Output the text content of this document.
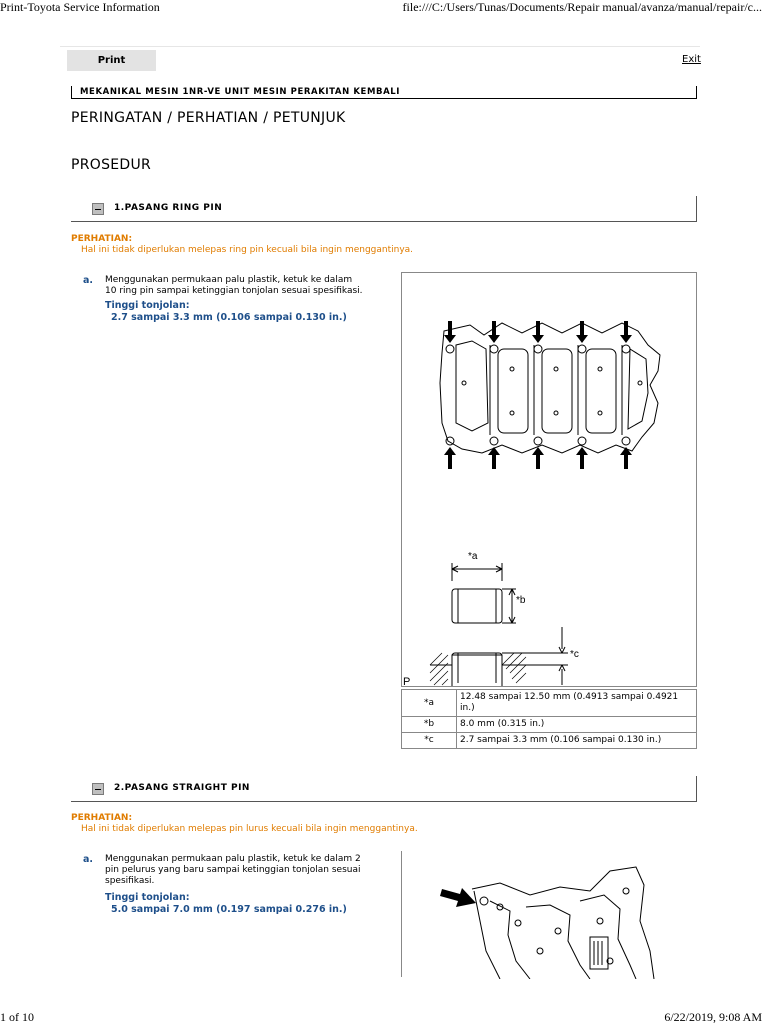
Print-Toyota Service Information	file:///C:/Users/Tunas/Documents/Repair manual/avanza/manual/repair/c...
Print	Exit
MEKANIKAL MESIN 1NR-VE UNIT MESIN PERAKITAN KEMBALI
PERINGATAN / PERHATIAN / PETUNJUK
PROSEDUR
1.PASANG RING PIN
PERHATIAN:
Hal ini tidak diperlukan melepas ring pin kecuali bila ingin menggantinya.
a. Menggunakan permukaan palu plastik, ketuk ke dalam
10 ring pin sampai ketinggian tonjolan sesuai spesifikasi.
Tinggi tonjolan:
2.7 sampai 3.3 mm (0.106 sampai 0.130 in.)
*a
*b
*c
P
*a	12.48 sampai 12.50 mm (0.4913 sampai 0.4921 in.)
*b	8.0 mm (0.315 in.)
*c	2.7 sampai 3.3 mm (0.106 sampai 0.130 in.)
2.PASANG STRAIGHT PIN
PERHATIAN:
Hal ini tidak diperlukan melepas pin lurus kecuali bila ingin menggantinya.
a. Menggunakan permukaan palu plastik, ketuk ke dalam 2
pin pelurus yang baru sampai ketinggian tonjolan sesuai
spesifikasi.
Tinggi tonjolan:
5.0 sampai 7.0 mm (0.197 sampai 0.276 in.)
1 of 10	6/22/2019, 9:08 AM
